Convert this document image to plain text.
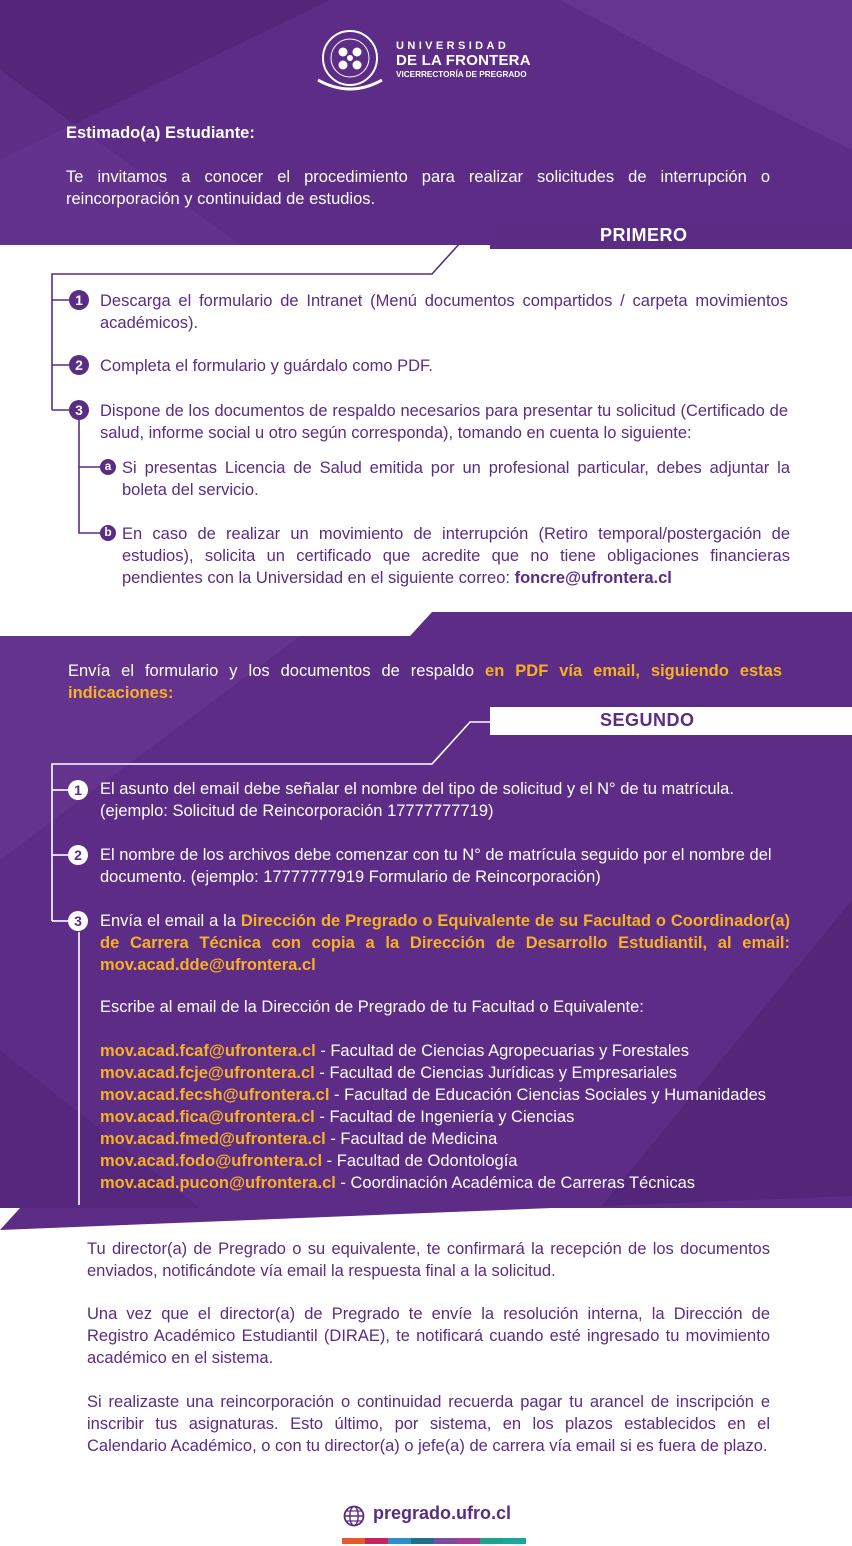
UNIVERSIDAD
DE LA FRONTERA
VICERRECTORÍA DE PREGRADO
Estimado(a) Estudiante:
Te invitamos a conocer el procedimiento para realizar solicitudes de interrupción o reincorporación y continuidad de estudios.
PRIMERO
1	Descarga el formulario de Intranet (Menú documentos compartidos / carpeta movimientos académicos).
2	Completa el formulario y guárdalo como PDF.
3	Dispone de los documentos de respaldo necesarios para presentar tu solicitud (Certificado de salud, informe social u otro según corresponda), tomando en cuenta lo siguiente:
a Si presentas Licencia de Salud emitida por un profesional particular, debes adjuntar la boleta del servicio.
b En caso de realizar un movimiento de interrupción (Retiro temporal/postergación de estudios), solicita un certificado que acredite que no tiene obligaciones financieras pendientes con la Universidad en el siguiente correo: foncre@ufrontera.cl
Envía el formulario y los documentos de respaldo en PDF vía email, siguiendo estas indicaciones:
SEGUNDO
1	El asunto del email debe señalar el nombre del tipo de solicitud y el N° de tu matrícula. (ejemplo: Solicitud de Reincorporación 17777777719)
2	El nombre de los archivos debe comenzar con tu N° de matrícula seguido por el nombre del documento. (ejemplo: 17777777919 Formulario de Reincorporación)
3	Envía el email a la Dirección de Pregrado o Equivalente de su Facultad o Coordinador(a) de Carrera Técnica con copia a la Dirección de Desarrollo Estudiantil, al email: mov.acad.dde@ufrontera.cl
Escribe al email de la Dirección de Pregrado de tu Facultad o Equivalente:
mov.acad.fcaf@ufrontera.cl - Facultad de Ciencias Agropecuarias y Forestales
mov.acad.fcje@ufrontera.cl - Facultad de Ciencias Jurídicas y Empresariales
mov.acad.fecsh@ufrontera.cl - Facultad de Educación Ciencias Sociales y Humanidades
mov.acad.fica@ufrontera.cl - Facultad de Ingeniería y Ciencias
mov.acad.fmed@ufrontera.cl - Facultad de Medicina
mov.acad.fodo@ufrontera.cl - Facultad de Odontología
mov.acad.pucon@ufrontera.cl - Coordinación Académica de Carreras Técnicas
Tu director(a) de Pregrado o su equivalente, te confirmará la recepción de los documentos enviados, notificándote vía email la respuesta final a la solicitud.
Una vez que el director(a) de Pregrado te envíe la resolución interna, la Dirección de Registro Académico Estudiantil (DIRAE), te notificará cuando esté ingresado tu movimiento académico en el sistema.
Si realizaste una reincorporación o continuidad recuerda pagar tu arancel de inscripción e inscribir tus asignaturas. Esto último, por sistema, en los plazos establecidos en el Calendario Académico, o con tu director(a) o jefe(a) de carrera vía email si es fuera de plazo.
pregrado.ufro.cl
